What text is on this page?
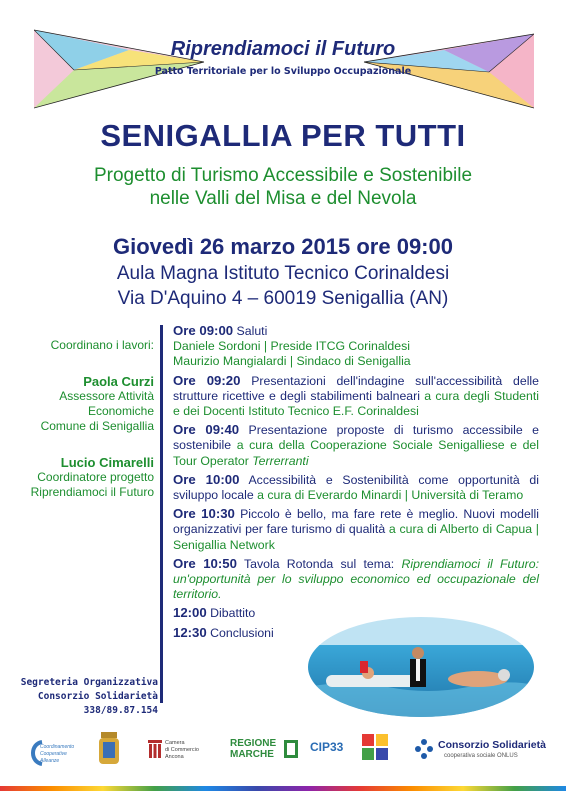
Riprendiamoci il Futuro
Patto Territoriale per lo Sviluppo Occupazionale
SENIGALLIA PER TUTTI
Progetto di Turismo Accessibile e Sostenibile
nelle Valli del Misa e del Nevola
Giovedì 26 marzo 2015 ore 09:00
Aula Magna Istituto Tecnico Corinaldesi
Via D'Aquino 4 – 60019 Senigallia (AN)
Coordinano i lavori:
Paola Curzi
Assessore Attività
Economiche
Comune di Senigallia
Lucio Cimarelli
Coordinatore progetto
Riprendiamoci il Futuro
Segreteria Organizzativa
Consorzio Solidarietà
338/89.87.154
Ore 09:00 Saluti
Daniele Sordoni | Preside ITCG Corinaldesi
Maurizio Mangialardi | Sindaco di Senigallia
Ore 09:20 Presentazioni dell'indagine sull'accessibilità delle strutture ricettive e degli stabilimenti balneari a cura degli Studenti e dei Docenti Istituto Tecnico E.F. Corinaldesi
Ore 09:40 Presentazione proposte di turismo accessibile e sostenibile a cura della Cooperazione Sociale Senigalliese e del Tour Operator Terrerranti
Ore 10:00 Accessibilità e Sostenibilità come opportunità di sviluppo locale a cura di Everardo Minardi | Università di Teramo
Ore 10:30 Piccolo è bello, ma fare rete è meglio. Nuovi modelli organizzativi per fare turismo di qualità a cura di Alberto di Capua | Senigallia Network
Ore 10:50 Tavola Rotonda sul tema: Riprendiamoci il Futuro: un'opportunità per lo sviluppo economico ed occupazionale del territorio.
12:00 Dibattito
12:30 Conclusioni
Coordinamento
Cooperative
Alleanze
Camera
di Commercio
Ancona
REGIONE
MARCHE
CIP33	Consorzio Solidarietà
cooperativa sociale ONLUS
